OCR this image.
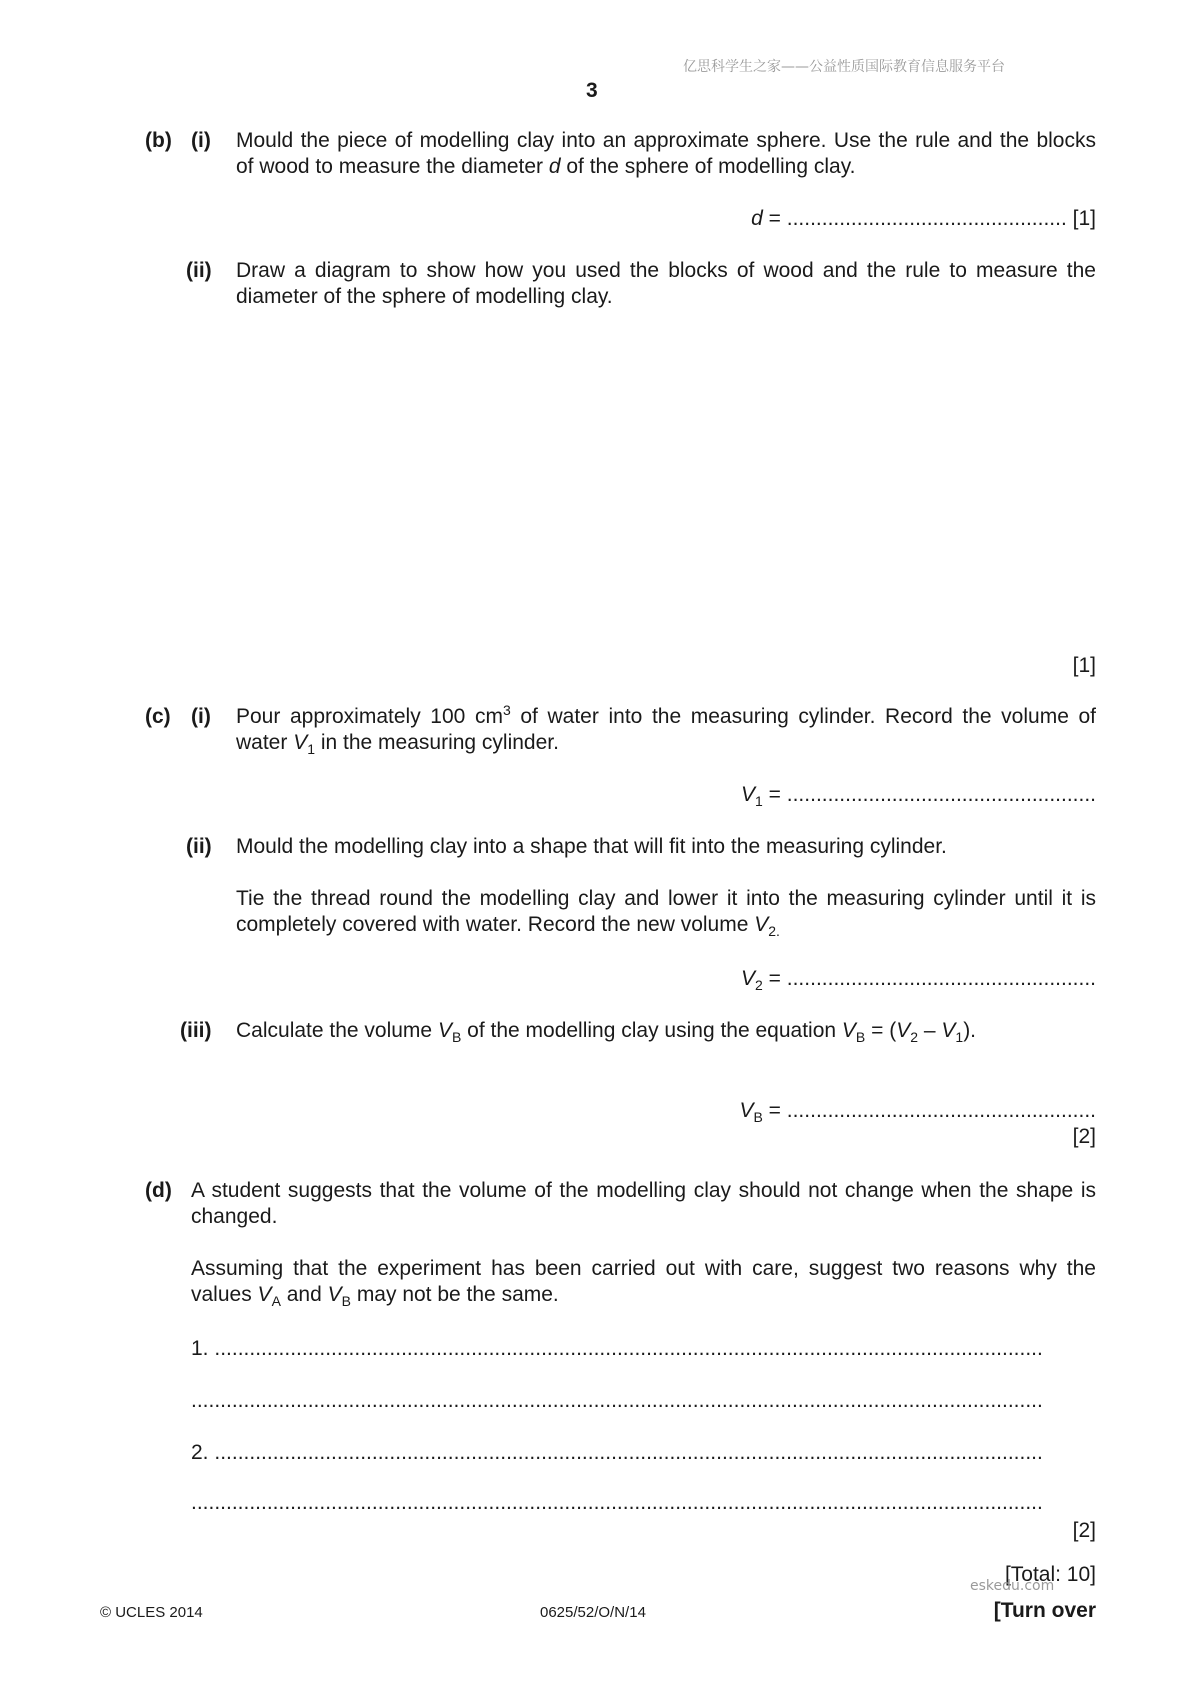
亿思科学生之家——公益性质国际教育信息服务平台
3
(b) (i) Mould the piece of modelling clay into an approximate sphere. Use the rule and the blocks of wood to measure the diameter d of the sphere of modelling clay.
d = ................................................ [1]
(ii) Draw a diagram to show how you used the blocks of wood and the rule to measure the diameter of the sphere of modelling clay.
[1]
(c) (i) Pour approximately 100 $cm^3$ of water into the measuring cylinder. Record the volume of water $V_1$ in the measuring cylinder.
$V_1$ = .....................................................
(ii) Mould the modelling clay into a shape that will fit into the measuring cylinder.
Tie the thread round the modelling clay and lower it into the measuring cylinder until it is completely covered with water. Record the new volume $V_{2.}$
$V_2$ = .....................................................
(iii) Calculate the volume $V_B$ of the modelling clay using the equation $V_B = (V_2 - V_1)$.
$V_B$ = .....................................................
[2]
(d) A student suggests that the volume of the modelling clay should not change when the shape is changed.
Assuming that the experiment has been carried out with care, suggest two reasons why the values $V_A$ and $V_B$ may not be the same.
1. ..............................................................................................................................................
..................................................................................................................................................
2. ..............................................................................................................................................
..................................................................................................................................................
[2]
[Total: 10]
eskedu.com
© UCLES 2014	0625/52/O/N/14	[Turn over
